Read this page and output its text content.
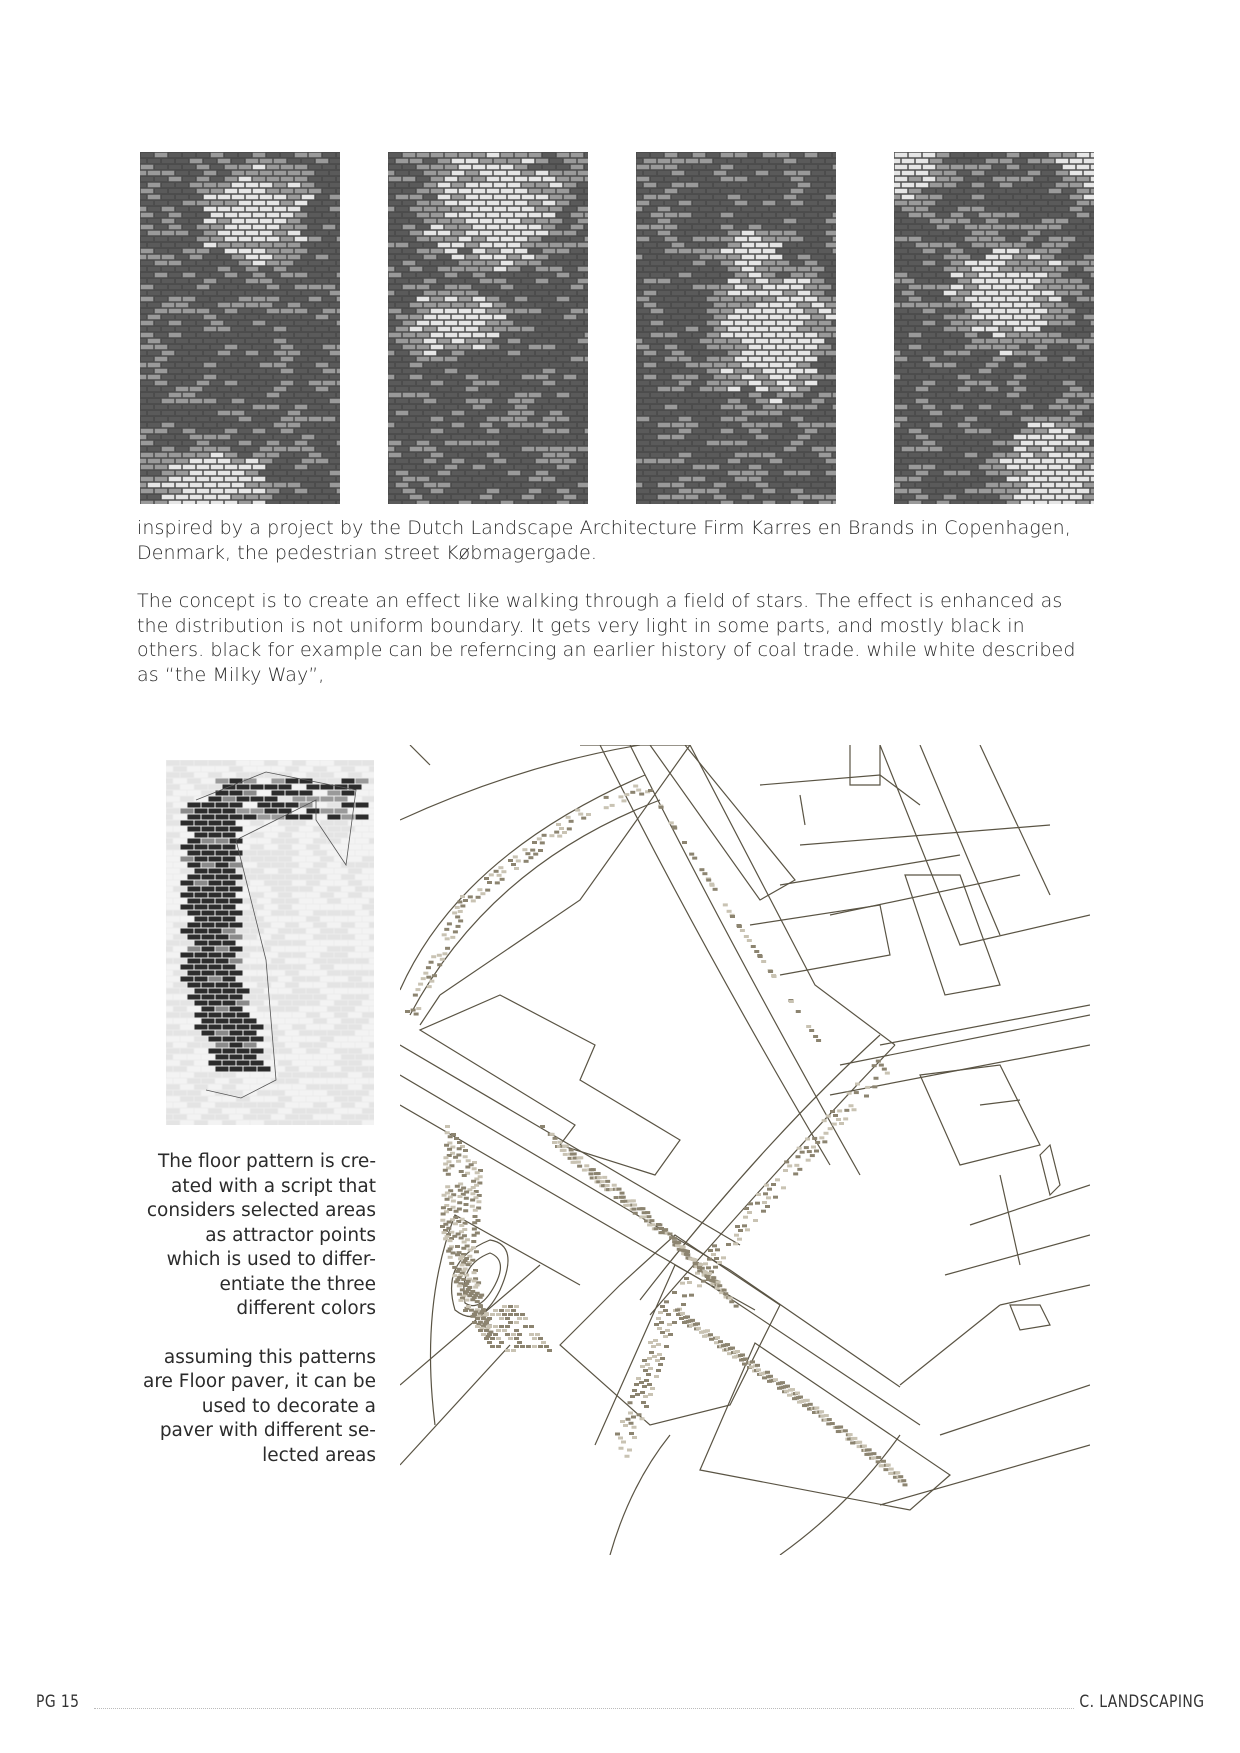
inspired by a project by the Dutch Landscape Architecture Firm Karres en Brands in Copenhagen,
Denmark, the pedestrian street Købmagergade.
The concept is to create an effect like walking through a field of stars. The effect is enhanced as
the distribution is not uniform boundary. It gets very light in some parts, and mostly black in
others. black for example can be referncing an earlier history of coal trade. while white described
as “the Milky Way”,

The floor pattern is cre-
ated with a script that
considers selected areas
as attractor points
which is used to differ-
entiate the three
different colors

assuming this patterns
are Floor paver, it can be
used to decorate a
paver with different se-
lected areas

PG 15	C. LANDSCAPING
